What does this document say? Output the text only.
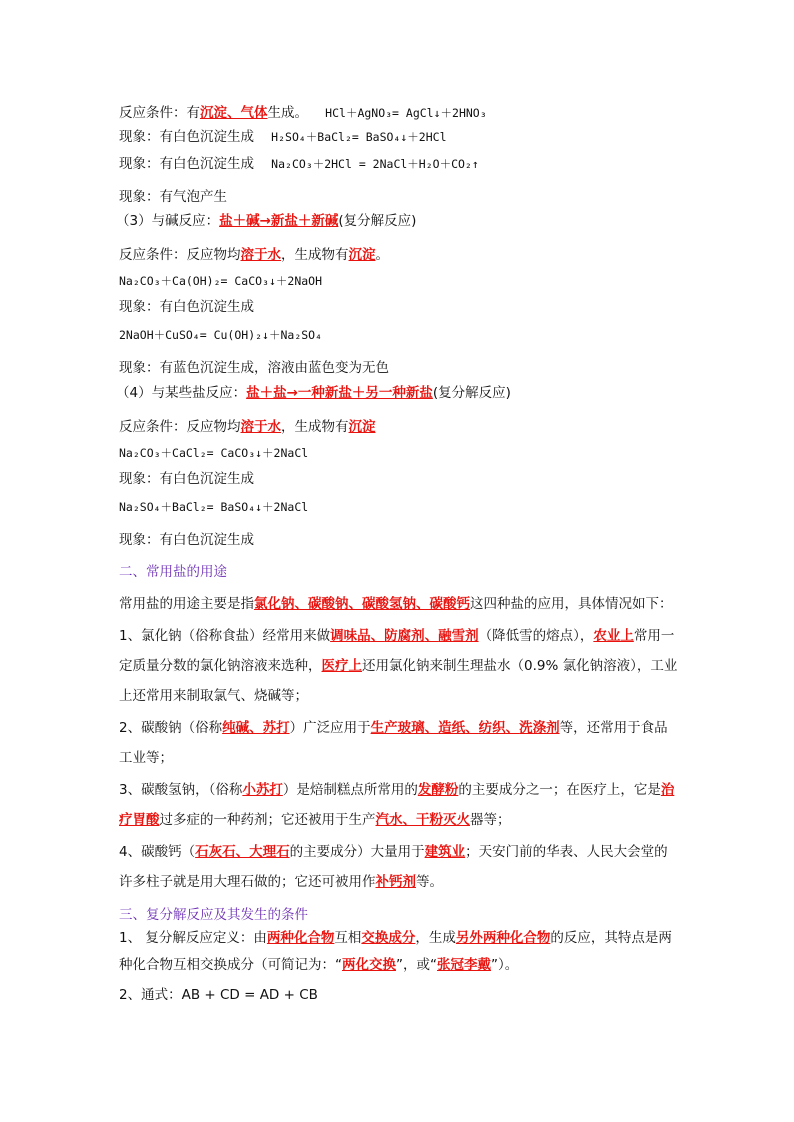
反应条件：有沉淀、气体生成。 HCl＋AgNO₃= AgCl↓＋2HNO₃
现象：有白色沉淀生成 H₂SO₄＋BaCl₂= BaSO₄↓＋2HCl
现象：有白色沉淀生成 Na₂CO₃＋2HCl = 2NaCl＋H₂O＋CO₂↑
现象：有气泡产生
（3）与碱反应：盐＋碱→新盐＋新碱(复分解反应)
反应条件：反应物均溶于水，生成物有沉淀。
Na₂CO₃＋Ca(OH)₂= CaCO₃↓＋2NaOH
现象：有白色沉淀生成
2NaOH＋CuSO₄= Cu(OH)₂↓＋Na₂SO₄
现象：有蓝色沉淀生成，溶液由蓝色变为无色
（4）与某些盐反应：盐＋盐→一种新盐＋另一种新盐(复分解反应)
反应条件：反应物均溶于水，生成物有沉淀
Na₂CO₃＋CaCl₂= CaCO₃↓＋2NaCl
现象：有白色沉淀生成
Na₂SO₄＋BaCl₂= BaSO₄↓＋2NaCl
现象：有白色沉淀生成
二、常用盐的用途
常用盐的用途主要是指氯化钠、碳酸钠、碳酸氢钠、碳酸钙这四种盐的应用，具体情况如下：
1、氯化钠（俗称食盐）经常用来做调味品、防腐剂、融雪剂（降低雪的熔点），农业上常用一定质量分数的氯化钠溶液来选种，医疗上还用氯化钠来制生理盐水（0.9% 氯化钠溶液），工业上还常用来制取氯气、烧碱等；
2、碳酸钠（俗称纯碱、苏打）广泛应用于生产玻璃、造纸、纺织、洗涤剂等，还常用于食品工业等；
3、碳酸氢钠，（俗称小苏打）是焙制糕点所常用的发酵粉的主要成分之一；在医疗上，它是治疗胃酸过多症的一种药剂；它还被用于生产汽水、干粉灭火器等；
4、碳酸钙（石灰石、大理石的主要成分）大量用于建筑业；天安门前的华表、人民大会堂的许多柱子就是用大理石做的；它还可被用作补钙剂等。
三、复分解反应及其发生的条件
1、 复分解反应定义：由两种化合物互相交换成分，生成另外两种化合物的反应，其特点是两种化合物互相交换成分（可简记为：“两化交换”，或“张冠李戴”）。
2、通式：AB + CD = AD + CB
